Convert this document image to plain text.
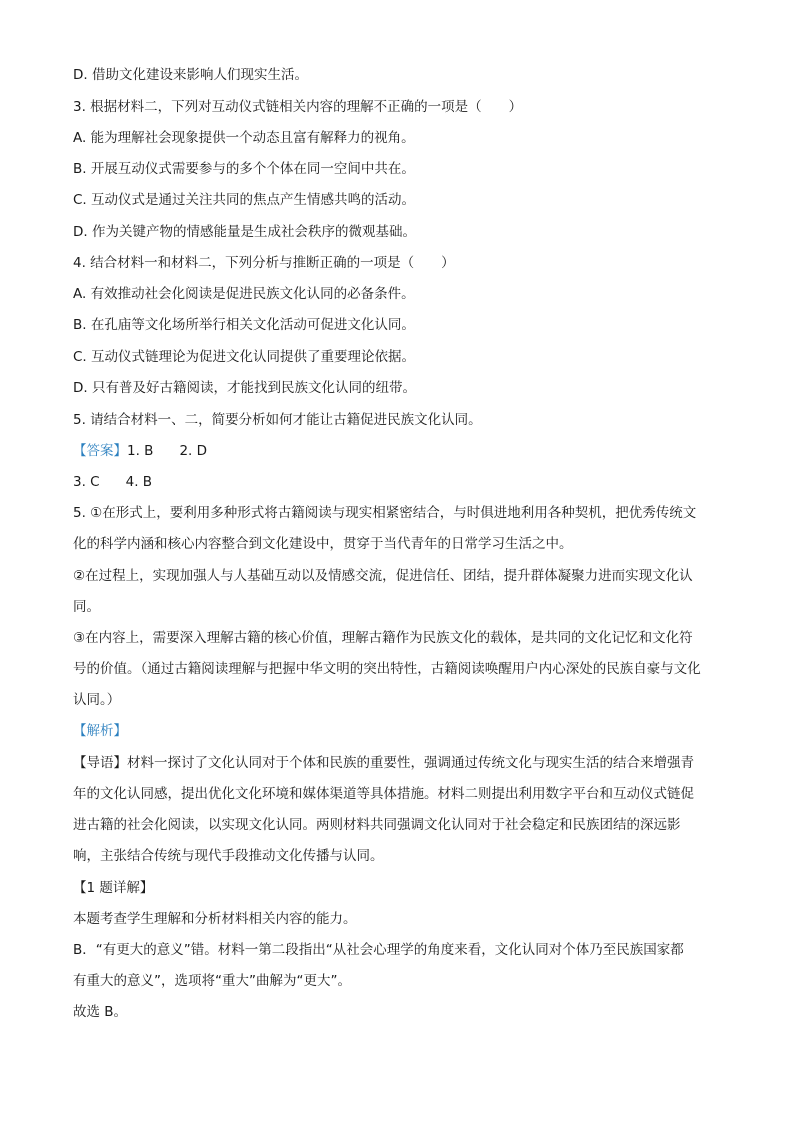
D. 借助文化建设来影响人们现实生活。
3. 根据材料二，下列对互动仪式链相关内容的理解不正确的一项是（　　）
A. 能为理解社会现象提供一个动态且富有解释力的视角。
B. 开展互动仪式需要参与的多个个体在同一空间中共在。
C. 互动仪式是通过关注共同的焦点产生情感共鸣的活动。
D. 作为关键产物的情感能量是生成社会秩序的微观基础。
4. 结合材料一和材料二，下列分析与推断正确的一项是（　　）
A. 有效推动社会化阅读是促进民族文化认同的必备条件。
B. 在孔庙等文化场所举行相关文化活动可促进文化认同。
C. 互动仪式链理论为促进文化认同提供了重要理论依据。
D. 只有普及好古籍阅读，才能找到民族文化认同的纽带。
5. 请结合材料一、二，简要分析如何才能让古籍促进民族文化认同。
【答案】1. B 2. D
3. C 4. B
5. ①在形式上，要利用多种形式将古籍阅读与现实相紧密结合，与时俱进地利用各种契机，把优秀传统文
化的科学内涵和核心内容整合到文化建设中，贯穿于当代青年的日常学习生活之中。
②在过程上，实现加强人与人基础互动以及情感交流，促进信任、团结，提升群体凝聚力进而实现文化认
同。
③在内容上，需要深入理解古籍的核心价值，理解古籍作为民族文化的载体，是共同的文化记忆和文化符
号的价值。（通过古籍阅读理解与把握中华文明的突出特性，古籍阅读唤醒用户内心深处的民族自豪与文化
认同。）
【解析】
【导语】材料一探讨了文化认同对于个体和民族的重要性，强调通过传统文化与现实生活的结合来增强青
年的文化认同感，提出优化文化环境和媒体渠道等具体措施。材料二则提出利用数字平台和互动仪式链促
进古籍的社会化阅读，以实现文化认同。两则材料共同强调文化认同对于社会稳定和民族团结的深远影
响，主张结合传统与现代手段推动文化传播与认同。
【1 题详解】
本题考查学生理解和分析材料相关内容的能力。
B．“有更大的意义”错。材料一第二段指出“从社会心理学的角度来看，文化认同对个体乃至民族国家都
有重大的意义”，选项将“重大”曲解为“更大”。
故选 B。
